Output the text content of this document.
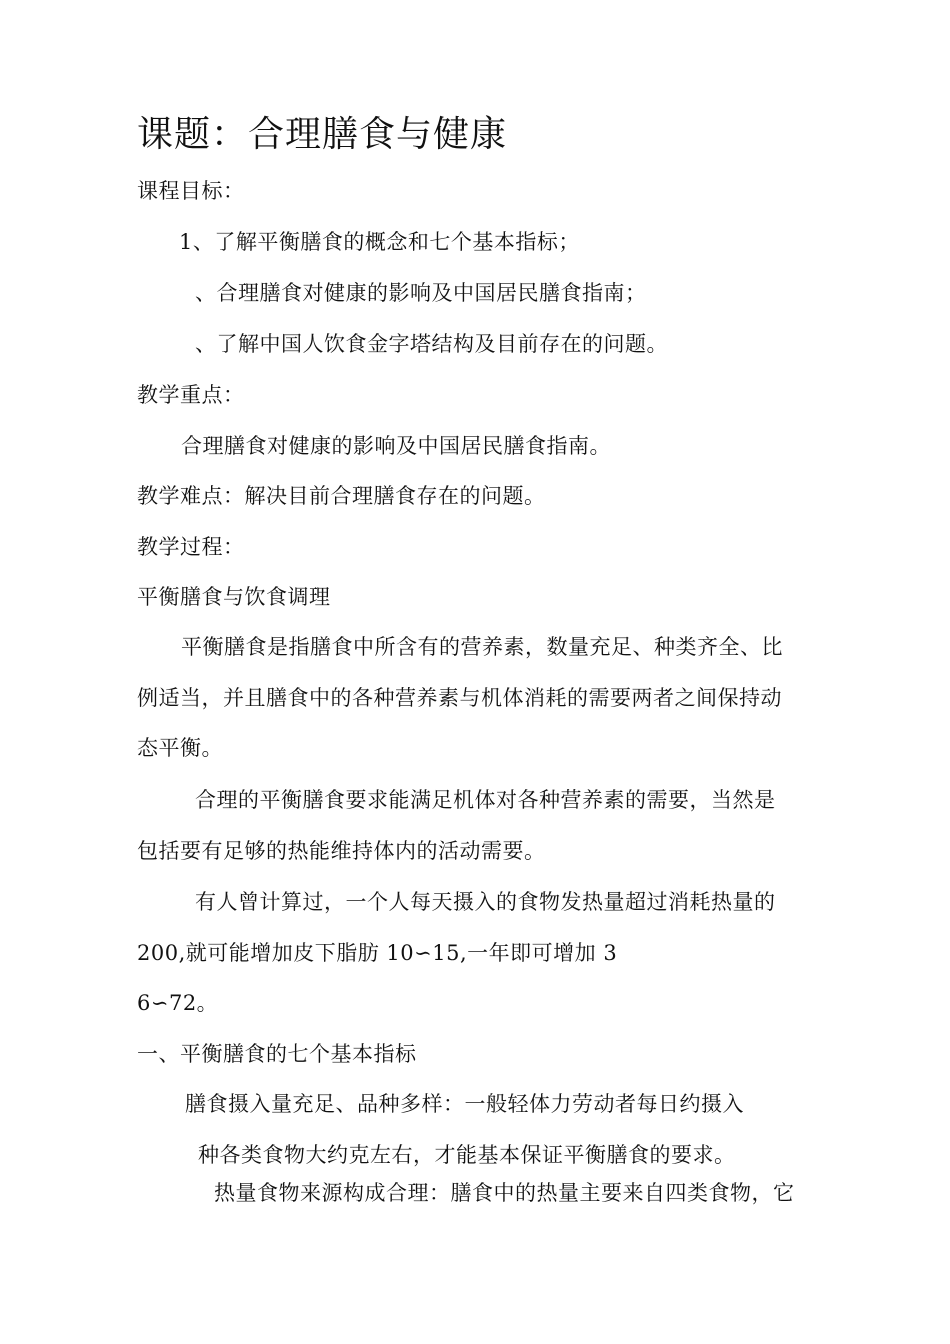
课题：合理膳食与健康
课程目标：
1、了解平衡膳食的概念和七个基本指标；
、合理膳食对健康的影响及中国居民膳食指南；
、了解中国人饮食金字塔结构及目前存在的问题。
教学重点：
合理膳食对健康的影响及中国居民膳食指南。
教学难点：解决目前合理膳食存在的问题。
教学过程：
平衡膳食与饮食调理
平衡膳食是指膳食中所含有的营养素，数量充足、种类齐全、比
例适当，并且膳食中的各种营养素与机体消耗的需要两者之间保持动
态平衡。
合理的平衡膳食要求能满足机体对各种营养素的需要，当然是
包括要有足够的热能维持体内的活动需要。
有人曾计算过，一个人每天摄入的食物发热量超过消耗热量的
200,就可能增加皮下脂肪 10∽15,一年即可增加 3
6∽72。
一、平衡膳食的七个基本指标
膳食摄入量充足、品种多样：一般轻体力劳动者每日约摄入
种各类食物大约克左右，才能基本保证平衡膳食的要求。
热量食物来源构成合理：膳食中的热量主要来自四类食物，它
